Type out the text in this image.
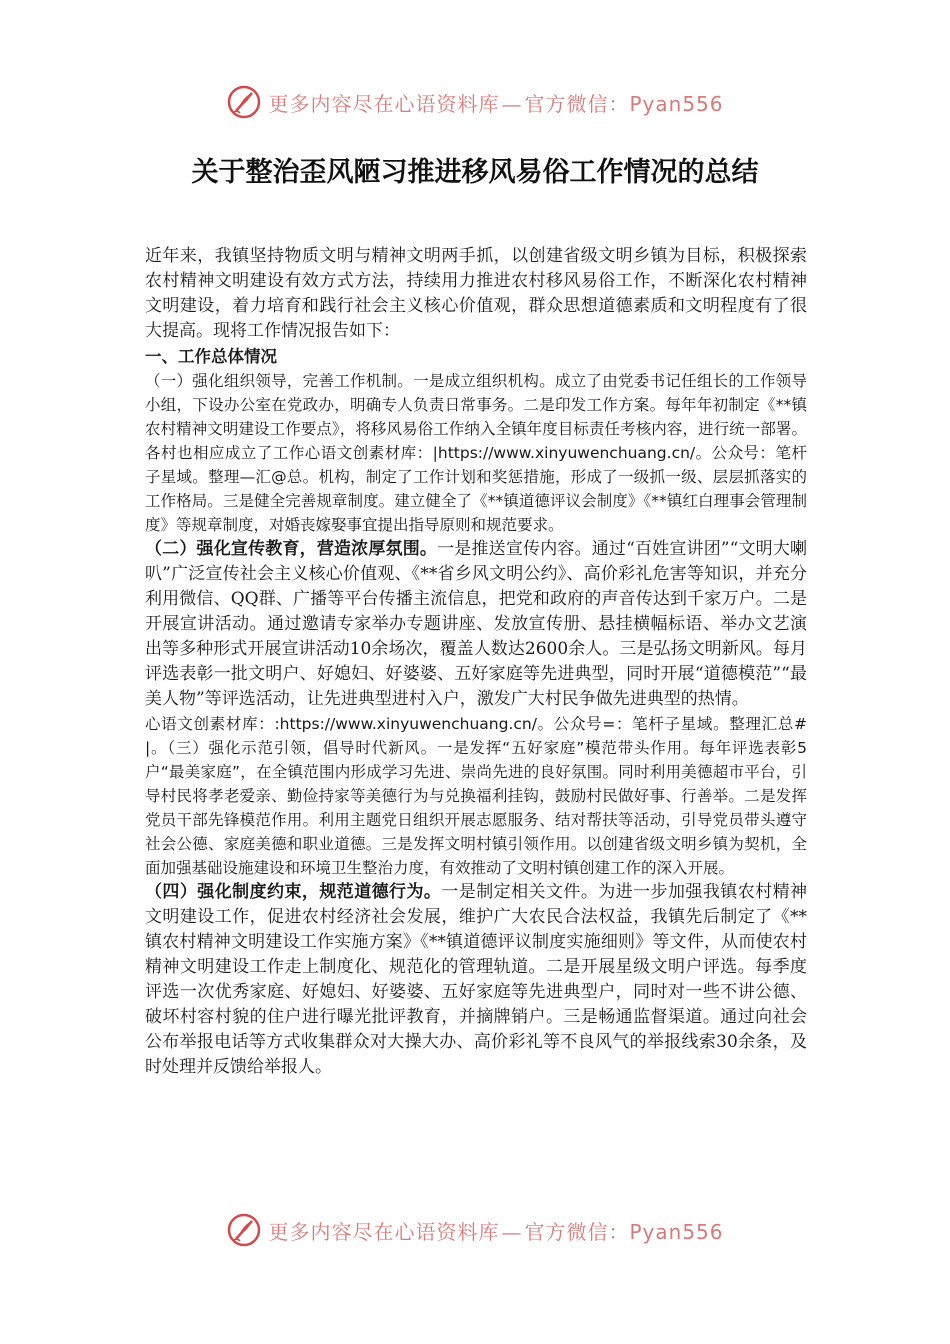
更多内容尽在心语资料库 — 官方微信：Pyan556
关于整治歪风陋习推进移风易俗工作情况的总结

近年来，我镇坚持物质文明与精神文明两手抓，以创建省级文明乡镇为目标，积极探索农村精神文明建设有效方式方法，持续用力推进农村移风易俗工作，不断深化农村精神文明建设，着力培育和践行社会主义核心价值观，群众思想道德素质和文明程度有了很大提高。现将工作情况报告如下：

一、工作总体情况

（一）强化组织领导，完善工作机制。一是成立组织机构。成立了由党委书记任组长的工作领导小组，下设办公室在党政办，明确专人负责日常事务。二是印发工作方案。每年年初制定《**镇农村精神文明建设工作要点》，将移风易俗工作纳入全镇年度目标责任考核内容，进行统一部署。各村也相应成立了工作心语文创素材库：|https://www.xinyuwenchuang.cn/。公众号：笔杆子星域。整理—汇@总。机构，制定了工作计划和奖惩措施，形成了一级抓一级、层层抓落实的工作格局。三是健全完善规章制度。建立健全了《**镇道德评议会制度》《**镇红白理事会管理制度》等规章制度，对婚丧嫁娶事宜提出指导原则和规范要求。

（二）强化宣传教育，营造浓厚氛围。一是推送宣传内容。通过“百姓宣讲团”“文明大喇叭”广泛宣传社会主义核心价值观、《**省乡风文明公约》、高价彩礼危害等知识，并充分利用微信、QQ群、广播等平台传播主流信息，把党和政府的声音传达到千家万户。二是开展宣讲活动。通过邀请专家举办专题讲座、发放宣传册、悬挂横幅标语、举办文艺演出等多种形式开展宣讲活动10余场次，覆盖人数达2600余人。三是弘扬文明新风。每月评选表彰一批文明户、好媳妇、好婆婆、五好家庭等先进典型，同时开展“道德模范”“最美人物”等评选活动，让先进典型进村入户，激发广大村民争做先进典型的热情。

心语文创素材库：:https://www.xinyuwenchuang.cn/。公众号=：笔杆子星域。整理汇总#|。（三）强化示范引领，倡导时代新风。一是发挥“五好家庭”模范带头作用。每年评选表彰5户“最美家庭”，在全镇范围内形成学习先进、崇尚先进的良好氛围。同时利用美德超市平台，引导村民将孝老爱亲、勤俭持家等美德行为与兑换福利挂钩，鼓励村民做好事、行善举。二是发挥党员干部先锋模范作用。利用主题党日组织开展志愿服务、结对帮扶等活动，引导党员带头遵守社会公德、家庭美德和职业道德。三是发挥文明村镇引领作用。以创建省级文明乡镇为契机，全面加强基础设施建设和环境卫生整治力度，有效推动了文明村镇创建工作的深入开展。

（四）强化制度约束，规范道德行为。一是制定相关文件。为进一步加强我镇农村精神文明建设工作，促进农村经济社会发展，维护广大农民合法权益，我镇先后制定了《**镇农村精神文明建设工作实施方案》《**镇道德评议制度实施细则》等文件，从而使农村精神文明建设工作走上制度化、规范化的管理轨道。二是开展星级文明户评选。每季度评选一次优秀家庭、好媳妇、好婆婆、五好家庭等先进典型户，同时对一些不讲公德、破坏村容村貌的住户进行曝光批评教育，并摘牌销户。三是畅通监督渠道。通过向社会公布举报电话等方式收集群众对大操大办、高价彩礼等不良风气的举报线索30余条，及时处理并反馈给举报人。

更多内容尽在心语资料库 — 官方微信：Pyan556
